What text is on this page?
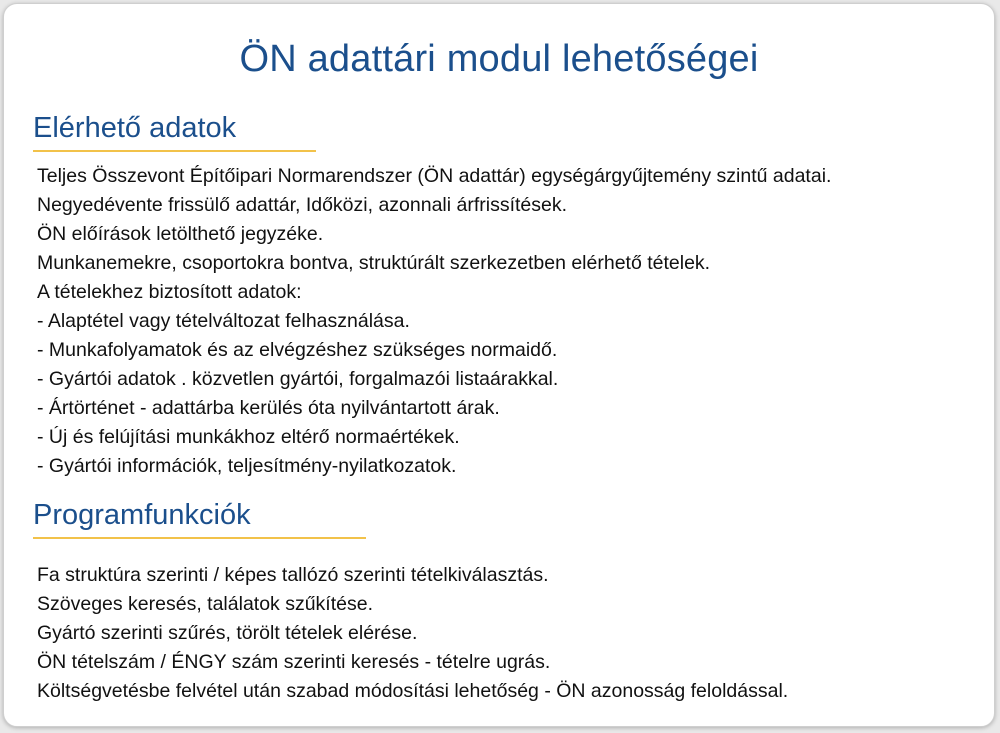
ÖN adattári modul lehetőségei
Elérhető adatok
Teljes Összevont Építőipari Normarendszer (ÖN adattár) egységárgyűjtemény szintű adatai.
Negyedévente frissülő adattár, Időközi, azonnali árfrissítések.
ÖN előírások letölthető jegyzéke.
Munkanemekre, csoportokra bontva, struktúrált szerkezetben elérhető tételek.
A tételekhez biztosított adatok:
- Alaptétel vagy tételváltozat felhasználása.
- Munkafolyamatok és az elvégzéshez szükséges normaidő.
- Gyártói adatok . közvetlen gyártói, forgalmazói listaárakkal.
- Ártörténet - adattárba kerülés óta nyilvántartott árak.
- Új és felújítási munkákhoz eltérő normaértékek.
- Gyártói információk, teljesítmény-nyilatkozatok.
Programfunkciók
Fa struktúra szerinti / képes tallózó szerinti tételkiválasztás.
Szöveges keresés, találatok szűkítése.
Gyártó szerinti szűrés, törölt tételek elérése.
ÖN tételszám / ÉNGY szám szerinti keresés - tételre ugrás.
Költségvetésbe felvétel után szabad módosítási lehetőség - ÖN azonosság feloldással.
